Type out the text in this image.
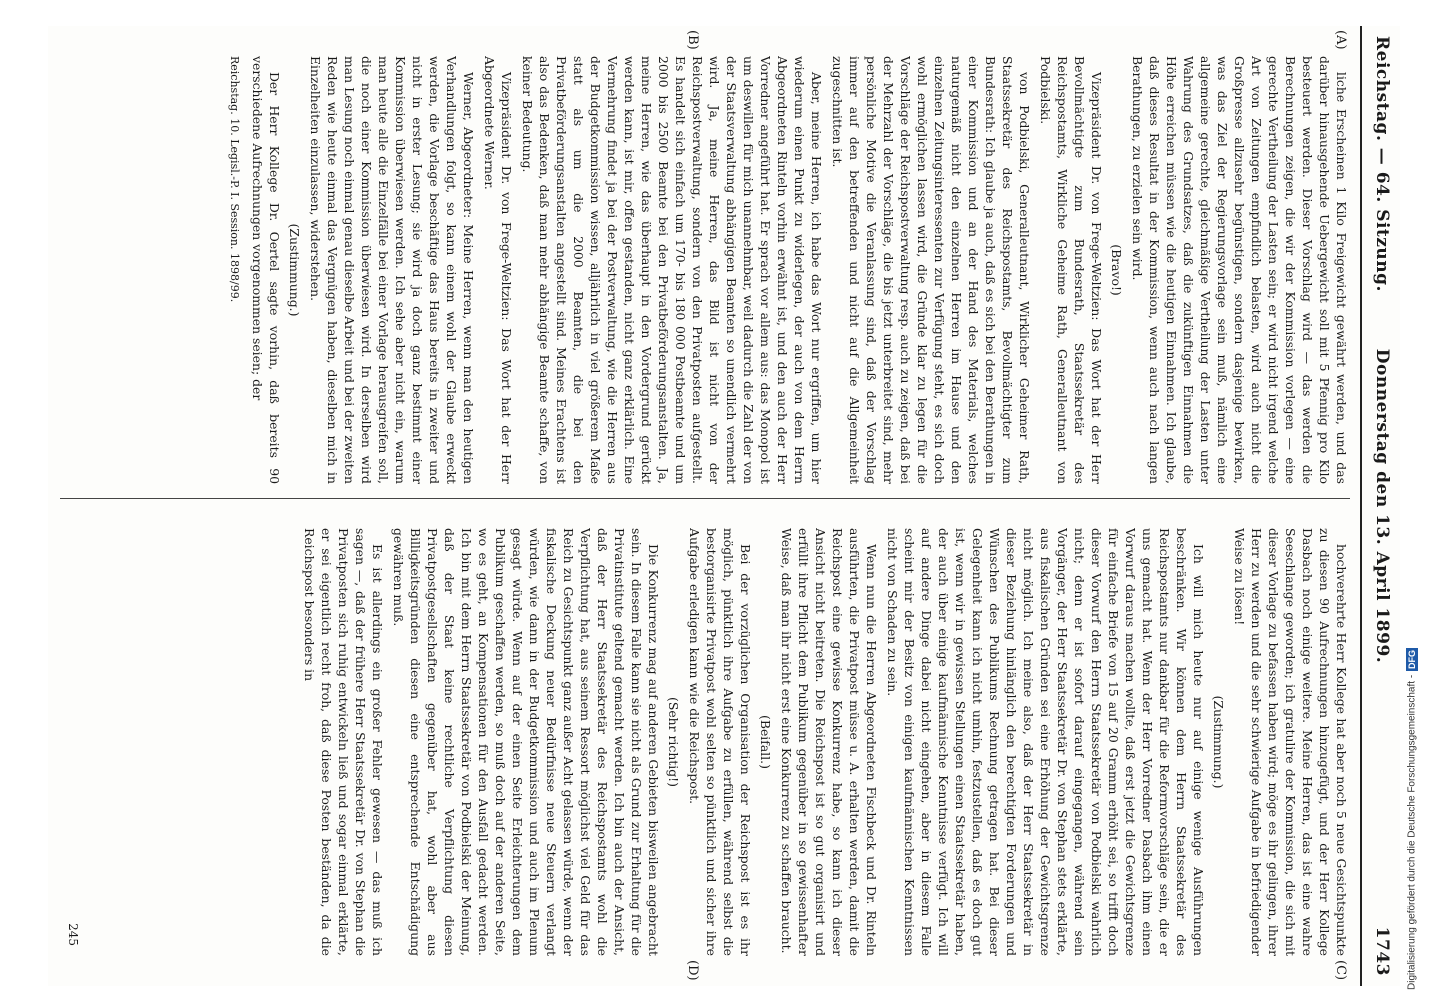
Reichstag. — 64. Sitzung.
Donnerstag den 13. April 1899.
1743
(A)
(B)
(C)
(D)

liche Erscheinen 1 Kilo Freigewicht gewährt werden, und das darüber hinausgehende Uebergewicht soll mit 5 Pfennig pro Kilo besteuert werden. Dieser Vorschlag wird — das werden die Berechnungen zeigen, die wir der Kommission vorlegen — eine gerechte Vertheilung der Lasten sein; er wird nicht irgend welche Art von Zeitungen empfindlich belasten, wird auch nicht die Großpresse allzusehr begünstigen, sondern dasjenige bewirken, was das Ziel der Regierungsvorlage sein muß, nämlich eine allgemeine gerechte, gleichmäßige Vertheilung der Lasten unter Wahrung des Grundsatzes, daß die zukünftigen Einnahmen die Höhe erreichen müssen wie die heutigen Einnahmen. Ich glaube, daß dieses Resultat in der Kommission, wenn auch nach langen Berathungen, zu erzielen sein wird.

(Bravo!)

Vizepräsident Dr. von Frege-Weltzien: Das Wort hat der Herr Bevollmächtigte zum Bundesrath, Staatssekretär des Reichspostamts, Wirkliche Geheime Rath, Generalleutnant von Podbielski.

von Podbielski, Generalleutnant, Wirklicher Geheimer Rath, Staatssekretär des Reichspostamts, Bevollmächtigter zum Bundesrath: Ich glaube ja auch, daß es sich bei den Berathungen in einer Kommission und an der Hand des Materials, welches naturgemäß nicht den einzelnen Herren im Hause und den einzelnen Zeitungsinteressenten zur Verfügung steht, es sich doch wohl ermöglichen lassen wird, die Gründe klar zu legen für die Vorschläge der Reichspostverwaltung resp. auch zu zeigen, daß bei der Mehrzahl der Vorschläge, die bis jetzt unterbreitet sind, mehr persönliche Motive die Veranlassung sind, daß der Vorschlag immer auf den betreffenden und nicht auf die Allgemeinheit zugeschnitten ist.

Aber, meine Herren, ich habe das Wort nur ergriffen, um hier wiederum einen Punkt zu widerlegen, der auch von dem Herrn Abgeordneten Rinteln vorhin erwähnt ist, und den auch der Herr Vorredner angeführt hat. Er sprach vor allem aus: das Monopol ist um deswillen für mich unannehmbar, weil dadurch die Zahl der von der Staatsverwaltung abhängigen Beamten so unendlich vermehrt wird. Ja, meine Herren, das Bild ist nicht von der Reichspostverwaltung, sondern von den Privatposten aufgestellt. Es handelt sich einfach um 170- bis 180 000 Postbeamte und um 2000 bis 2500 Beamte bei den Privatbeförderungsanstalten. Ja, meine Herren, wie das überhaupt in den Vordergrund gerückt werden kann, ist mir, offen gestanden, nicht ganz erklärlich. Eine Vermehrung findet ja bei der Postverwaltung, wie die Herren aus der Budgetkommission wissen, alljährlich in viel größerem Maße statt als um die 2000 Beamten, die bei den Privatbeförderungsanstalten angestellt sind. Meines Erachtens ist also das Bedenken, daß man mehr abhängige Beamte schaffe, von keiner Bedeutung.

Vizepräsident Dr. von Frege-Weltzien: Das Wort hat der Herr Abgeordnete Werner.

Werner, Abgeordneter: Meine Herren, wenn man den heutigen Verhandlungen folgt, so kann einem wohl der Glaube erweckt werden, die Vorlage beschäftige das Haus bereits in zweiter und nicht in erster Lesung; sie wird ja doch ganz bestimmt einer Kommission überwiesen werden. Ich sehe aber nicht ein, warum man heute alle die Einzelfälle bei einer Vorlage herausgreifen soll, die noch einer Kommission überwiesen wird. In derselben wird man Lesung noch einmal genau dieselbe Arbeit und bei der zweiten Reden wie heute einmal das Vergnügen haben, dieselben mich in Einzelheiten einzulassen, widerstehen.

(Zustimmung.)

Der Herr Kollege Dr. Oertel sagte vorhin, daß bereits 90 verschiedene Aufrechnungen vorgenommen seien; der

Reichstag. 10. Legisl.-P. I. Session. 1898/99.

hochverehrte Herr Kollege hat aber noch 5 neue Gesichtspunkte zu diesen 90 Aufrechnungen hinzugefügt, und der Herr Kollege Dasbach noch einige weitere. Meine Herren, das ist eine wahre Seeschlange geworden; ich gratulire der Kommission, die sich mit dieser Vorlage zu befassen haben wird; möge es ihr gelingen, ihrer Herr zu werden und die sehr schwierige Aufgabe in befriedigender Weise zu lösen!

(Zustimmung.)

Ich will mich heute nur auf einige wenige Ausführungen beschränken. Wir können dem Herrn Staatssekretär des Reichspostamts nur dankbar für die Reformvorschläge sein, die er uns gemacht hat. Wenn der Herr Vorredner Dasbach ihm einen Vorwurf daraus machen wollte, daß erst jetzt die Gewichtsgrenze für einfache Briefe von 15 auf 20 Gramm erhöht sei, so trifft doch dieser Vorwurf den Herrn Staatssekretär von Podbielski wahrlich nicht; denn er ist sofort darauf eingegangen, während sein Vorgänger, der Herr Staatssekretär Dr. von Stephan stets erklärte, aus fiskalischen Gründen sei eine Erhöhung der Gewichtsgrenze nicht möglich. Ich meine also, daß der Herr Staatssekretär in dieser Beziehung hinlänglich den berechtigten Forderungen und Wünschen des Publikums Rechnung getragen hat. Bei dieser Gelegenheit kann ich nicht umhin, festzustellen, daß es doch gut ist, wenn wir in gewissen Stellungen einen Staatssekretär haben, der auch über einige kaufmännische Kenntnisse verfügt. Ich will auf andere Dinge dabei nicht eingehen, aber in diesem Falle scheint mir der Besitz von einigen kaufmännischen Kenntnissen nicht von Schaden zu sein.

Wenn nun die Herren Abgeordneten Fischbeck und Dr. Rinteln ausführten, die Privatpost müsse u. A. erhalten werden, damit die Reichspost eine gewisse Konkurrenz habe, so kann ich dieser Ansicht nicht beitreten. Die Reichspost ist so gut organisirt und erfüllt ihre Pflicht dem Publikum gegenüber in so gewissenhafter Weise, daß man ihr nicht erst eine Konkurrenz zu schaffen braucht.

(Beifall.)

Bei der vorzüglichen Organisation der Reichspost ist es ihr möglich, pünktlich ihre Aufgabe zu erfüllen, während selbst die bestorganisirte Privatpost wohl selten so pünktlich und sicher ihre Aufgabe erledigen kann wie die Reichspost.

(Sehr richtig!)

Die Konkurrenz mag auf anderen Gebieten bisweilen angebracht sein. In diesem Falle kann sie nicht als Grund zur Erhaltung für die Privatinstitute geltend gemacht werden. Ich bin auch der Ansicht, daß der Herr Staatssekretär des Reichspostamts wohl die Verpflichtung hat, aus seinem Ressort möglichst viel Geld für das Reich zu Gesichtspunkt ganz außer Acht gelassen würde, wenn der fiskalische Deckung neuer Bedürfnisse neue Steuern verlangt würden, wie dann in der Budgetkommission und auch im Plenum gesagt würde. Wenn auf der einen Seite Erleichterungen dem Publikum geschaffen werden, so muß doch auf der anderen Seite, wo es geht, an Kompensationen für den Ausfall gedacht werden. Ich bin mit dem Herrn Staatssekretär von Podbielski der Meinung, daß der Staat keine rechtliche Verpflichtung diesen Privatpostgesellschaften gegenüber hat, wohl aber aus Billigkeitsgründen diesen eine entsprechende Entschädigung gewähren muß.

Es ist allerdings ein großer Fehler gewesen — das muß ich sagen —, daß der frühere Herr Staatssekretär Dr. von Stephan die Privatposten sich ruhig entwickeln ließ und sogar einmal erklärte, er sei eigentlich recht froh, daß diese Posten beständen, da die Reichspost besonders in

245	Digitalisierung gefördert durch die Deutsche Forschungsgemeinschaft -
DFG
